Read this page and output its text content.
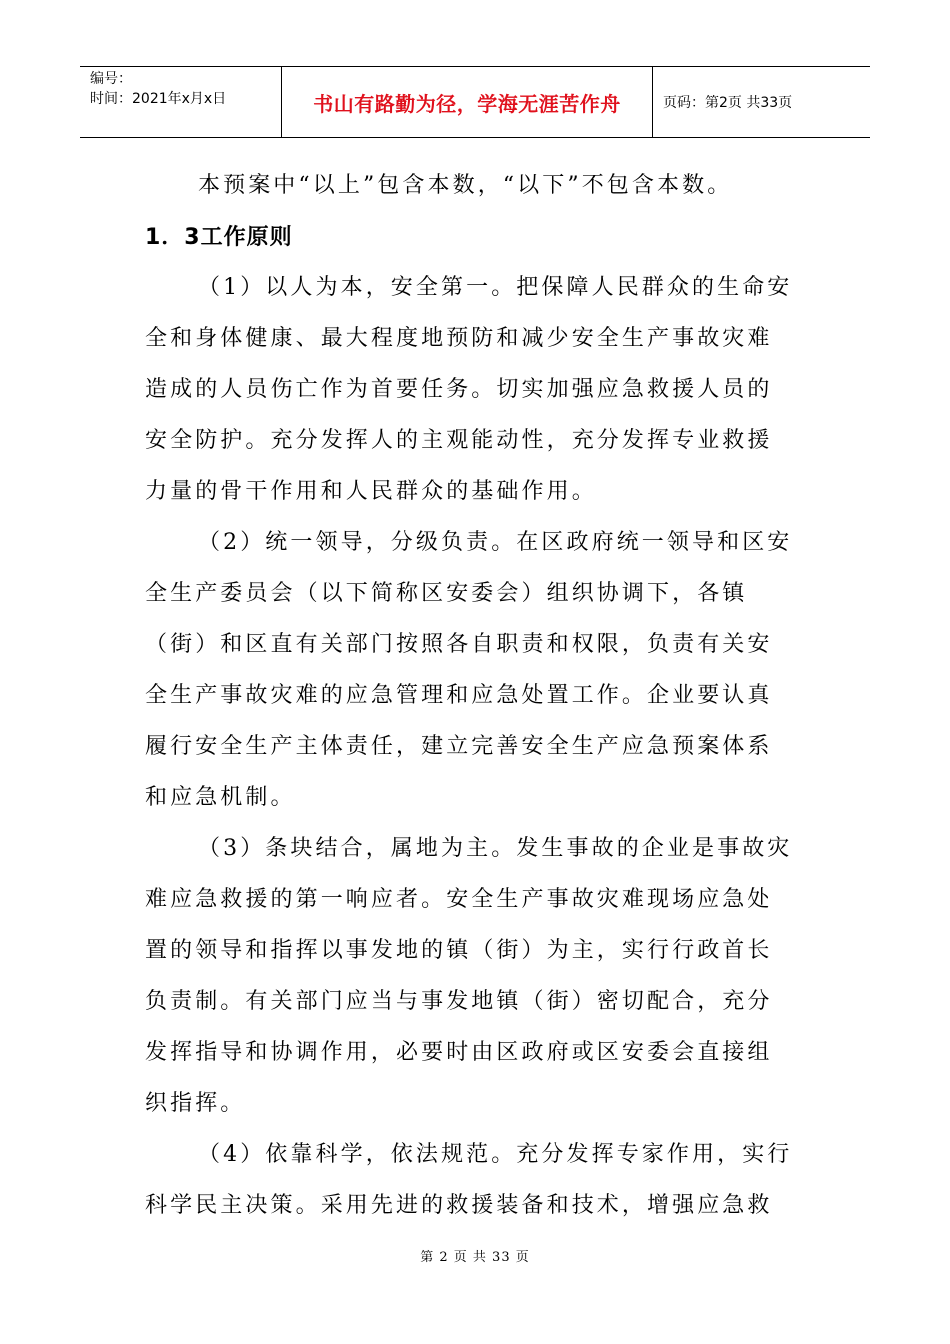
编号：
时间：2021年x月x日	书山有路勤为径，学海无涯苦作舟	页码：第2页 共33页
本预案中“以上”包含本数，“以下”不包含本数。
1．3工作原则
（1）以人为本，安全第一。把保障人民群众的生命安
全和身体健康、最大程度地预防和减少安全生产事故灾难
造成的人员伤亡作为首要任务。切实加强应急救援人员的
安全防护。充分发挥人的主观能动性，充分发挥专业救援
力量的骨干作用和人民群众的基础作用。
（2）统一领导，分级负责。在区政府统一领导和区安
全生产委员会（以下简称区安委会）组织协调下，各镇
（街）和区直有关部门按照各自职责和权限，负责有关安
全生产事故灾难的应急管理和应急处置工作。企业要认真
履行安全生产主体责任，建立完善安全生产应急预案体系
和应急机制。
（3）条块结合，属地为主。发生事故的企业是事故灾
难应急救援的第一响应者。安全生产事故灾难现场应急处
置的领导和指挥以事发地的镇（街）为主，实行行政首长
负责制。有关部门应当与事发地镇（街）密切配合，充分
发挥指导和协调作用，必要时由区政府或区安委会直接组
织指挥。
（4）依靠科学，依法规范。充分发挥专家作用，实行
科学民主决策。采用先进的救援装备和技术，增强应急救
第 2 页 共 33 页
